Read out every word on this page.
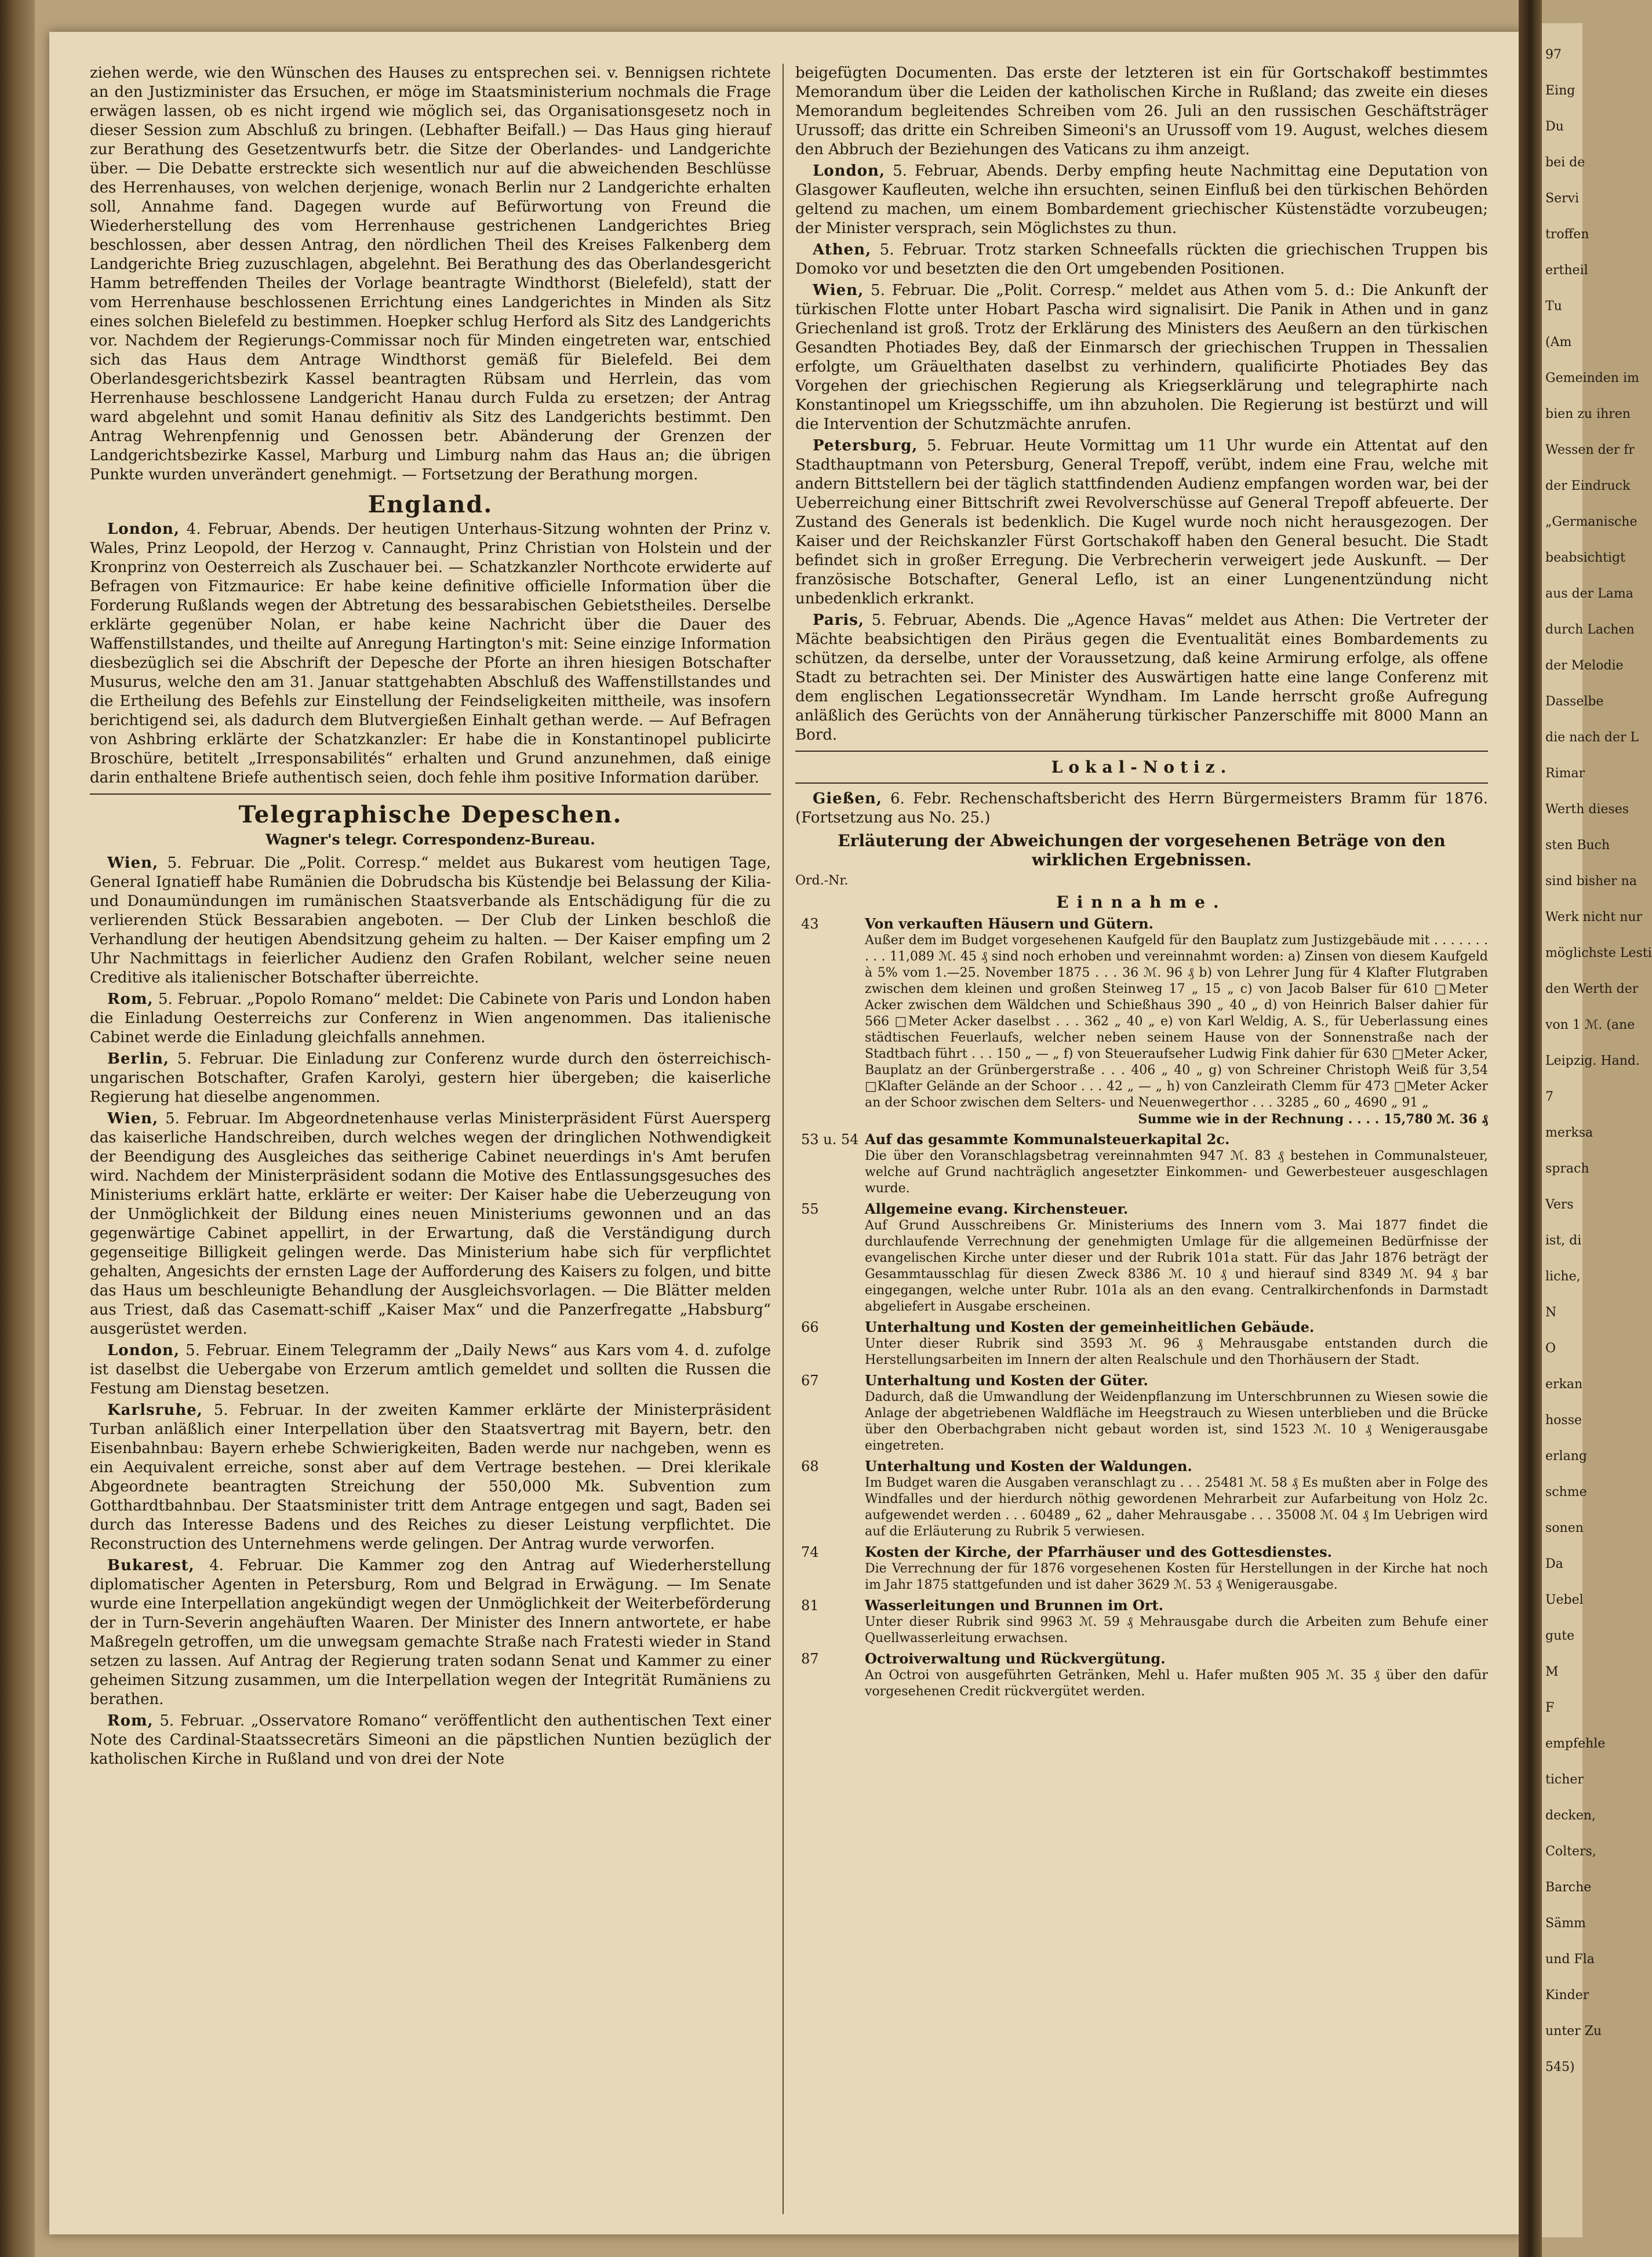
97
Eing
Du
bei de
Servi
troffen
ertheil
Tu
(Am
Gemeinden im
bien zu ihren
Wessen der fr
der Eindruck
„Germanische
beabsichtigt
aus der Lama
durch Lachen
der Melodie
Dasselbe
die nach der L
Rimar
Werth dieses
sten Buch
sind bisher na
Werk nicht nur
möglichste Lesti
den Werth der
von 1 ℳ. (ane
Leipzig. Hand.
7
merksa
sprach
Vers
ist, di
liche,
N
O
erkan
hosse
erlang
schme
sonen
Da
Uebel
gute
M
F
empfehle
ticher
decken,
Colters,
Barche
Sämm
und Fla
Kinder
unter Zu
545)

ziehen werde, wie den Wünschen des Hauses zu entsprechen sei. v. Bennigsen richtete an den Justizminister das Ersuchen, er möge im Staatsministerium nochmals die Frage erwägen lassen, ob es nicht irgend wie möglich sei, das Organisationsgesetz noch in dieser Session zum Abschluß zu bringen. (Lebhafter Beifall.) — Das Haus ging hierauf zur Berathung des Gesetzentwurfs betr. die Sitze der Oberlandes- und Landgerichte über. — Die Debatte erstreckte sich wesentlich nur auf die abweichenden Beschlüsse des Herrenhauses, von welchen derjenige, wonach Berlin nur 2 Landgerichte erhalten soll, Annahme fand. Dagegen wurde auf Befürwortung von Freund die Wiederherstellung des vom Herrenhause gestrichenen Landgerichtes Brieg beschlossen, aber dessen Antrag, den nördlichen Theil des Kreises Falkenberg dem Landgerichte Brieg zuzuschlagen, abgelehnt. Bei Berathung des das Oberlandesgericht Hamm betreffenden Theiles der Vorlage beantragte Windthorst (Bielefeld), statt der vom Herrenhause beschlossenen Errichtung eines Landgerichtes in Minden als Sitz eines solchen Bielefeld zu bestimmen. Hoepker schlug Herford als Sitz des Landgerichts vor. Nachdem der Regierungs-Commissar noch für Minden eingetreten war, entschied sich das Haus dem Antrage Windthorst gemäß für Bielefeld. Bei dem Oberlandesgerichtsbezirk Kassel beantragten Rübsam und Herrlein, das vom Herrenhause beschlossene Landgericht Hanau durch Fulda zu ersetzen; der Antrag ward abgelehnt und somit Hanau definitiv als Sitz des Landgerichts bestimmt. Den Antrag Wehrenpfennig und Genossen betr. Abänderung der Grenzen der Landgerichtsbezirke Kassel, Marburg und Limburg nahm das Haus an; die übrigen Punkte wurden unverändert genehmigt. — Fortsetzung der Berathung morgen.

England.

London, 4. Februar, Abends. Der heutigen Unterhaus-Sitzung wohnten der Prinz v. Wales, Prinz Leopold, der Herzog v. Cannaught, Prinz Christian von Holstein und der Kronprinz von Oesterreich als Zuschauer bei. — Schatzkanzler Northcote erwiderte auf Befragen von Fitzmaurice: Er habe keine definitive officielle Information über die Forderung Rußlands wegen der Abtretung des bessarabischen Gebietstheiles. Derselbe erklärte gegenüber Nolan, er habe keine Nachricht über die Dauer des Waffenstillstandes, und theilte auf Anregung Hartington's mit: Seine einzige Information diesbezüglich sei die Abschrift der Depesche der Pforte an ihren hiesigen Botschafter Musurus, welche den am 31. Januar stattgehabten Abschluß des Waffenstillstandes und die Ertheilung des Befehls zur Einstellung der Feindseligkeiten mittheile, was insofern berichtigend sei, als dadurch dem Blutvergießen Einhalt gethan werde. — Auf Befragen von Ashbring erklärte der Schatzkanzler: Er habe die in Konstantinopel publicirte Broschüre, betitelt „Irresponsabilités“ erhalten und Grund anzunehmen, daß einige darin enthaltene Briefe authentisch seien, doch fehle ihm positive Information darüber.

Telegraphische Depeschen.
Wagner's telegr. Correspondenz-Bureau.

Wien, 5. Februar. Die „Polit. Corresp.“ meldet aus Bukarest vom heutigen Tage, General Ignatieff habe Rumänien die Dobrudscha bis Küstendje bei Belassung der Kilia- und Donaumündungen im rumänischen Staatsverbande als Entschädigung für die zu verlierenden Stück Bessarabien angeboten. — Der Club der Linken beschloß die Verhandlung der heutigen Abendsitzung geheim zu halten. — Der Kaiser empfing um 2 Uhr Nachmittags in feierlicher Audienz den Grafen Robilant, welcher seine neuen Creditive als italienischer Botschafter überreichte.

Rom, 5. Februar. „Popolo Romano“ meldet: Die Cabinete von Paris und London haben die Einladung Oesterreichs zur Conferenz in Wien angenommen. Das italienische Cabinet werde die Einladung gleichfalls annehmen.

Berlin, 5. Februar. Die Einladung zur Conferenz wurde durch den österreichisch-ungarischen Botschafter, Grafen Karolyi, gestern hier übergeben; die kaiserliche Regierung hat dieselbe angenommen.

Wien, 5. Februar. Im Abgeordnetenhause verlas Ministerpräsident Fürst Auersperg das kaiserliche Handschreiben, durch welches wegen der dringlichen Nothwendigkeit der Beendigung des Ausgleiches das seitherige Cabinet neuerdings in's Amt berufen wird. Nachdem der Ministerpräsident sodann die Motive des Entlassungsgesuches des Ministeriums erklärt hatte, erklärte er weiter: Der Kaiser habe die Ueberzeugung von der Unmöglichkeit der Bildung eines neuen Ministeriums gewonnen und an das gegenwärtige Cabinet appellirt, in der Erwartung, daß die Verständigung durch gegenseitige Billigkeit gelingen werde. Das Ministerium habe sich für verpflichtet gehalten, Angesichts der ernsten Lage der Aufforderung des Kaisers zu folgen, und bitte das Haus um beschleunigte Behandlung der Ausgleichsvorlagen. — Die Blätter melden aus Triest, daß das Casematt-schiff „Kaiser Max“ und die Panzerfregatte „Habsburg“ ausgerüstet werden.

London, 5. Februar. Einem Telegramm der „Daily News“ aus Kars vom 4. d. zufolge ist daselbst die Uebergabe von Erzerum amtlich gemeldet und sollten die Russen die Festung am Dienstag besetzen.

Karlsruhe, 5. Februar. In der zweiten Kammer erklärte der Ministerpräsident Turban anläßlich einer Interpellation über den Staatsvertrag mit Bayern, betr. den Eisenbahnbau: Bayern erhebe Schwierigkeiten, Baden werde nur nachgeben, wenn es ein Aequivalent erreiche, sonst aber auf dem Vertrage bestehen. — Drei klerikale Abgeordnete beantragten Streichung der 550,000 Mk. Subvention zum Gotthardtbahnbau. Der Staatsminister tritt dem Antrage entgegen und sagt, Baden sei durch das Interesse Badens und des Reiches zu dieser Leistung verpflichtet. Die Reconstruction des Unternehmens werde gelingen. Der Antrag wurde verworfen.

Bukarest, 4. Februar. Die Kammer zog den Antrag auf Wiederherstellung diplomatischer Agenten in Petersburg, Rom und Belgrad in Erwägung. — Im Senate wurde eine Interpellation angekündigt wegen der Unmöglichkeit der Weiterbeförderung der in Turn-Severin angehäuften Waaren. Der Minister des Innern antwortete, er habe Maßregeln getroffen, um die unwegsam gemachte Straße nach Fratesti wieder in Stand setzen zu lassen. Auf Antrag der Regierung traten sodann Senat und Kammer zu einer geheimen Sitzung zusammen, um die Interpellation wegen der Integrität Rumäniens zu berathen.

Rom, 5. Februar. „Osservatore Romano“ veröffentlicht den authentischen Text einer Note des Cardinal-Staatssecretärs Simeoni an die päpstlichen Nuntien bezüglich der katholischen Kirche in Rußland und von drei der Note

beigefügten Documenten. Das erste der letzteren ist ein für Gortschakoff bestimmtes Memorandum über die Leiden der katholischen Kirche in Rußland; das zweite ein dieses Memorandum begleitendes Schreiben vom 26. Juli an den russischen Geschäftsträger Urussoff; das dritte ein Schreiben Simeoni's an Urussoff vom 19. August, welches diesem den Abbruch der Beziehungen des Vaticans zu ihm anzeigt.

London, 5. Februar, Abends. Derby empfing heute Nachmittag eine Deputation von Glasgower Kaufleuten, welche ihn ersuchten, seinen Einfluß bei den türkischen Behörden geltend zu machen, um einem Bombardement griechischer Küstenstädte vorzubeugen; der Minister versprach, sein Möglichstes zu thun.

Athen, 5. Februar. Trotz starken Schneefalls rückten die griechischen Truppen bis Domoko vor und besetzten die den Ort umgebenden Positionen.

Wien, 5. Februar. Die „Polit. Corresp.“ meldet aus Athen vom 5. d.: Die Ankunft der türkischen Flotte unter Hobart Pascha wird signalisirt. Die Panik in Athen und in ganz Griechenland ist groß. Trotz der Erklärung des Ministers des Aeußern an den türkischen Gesandten Photiades Bey, daß der Einmarsch der griechischen Truppen in Thessalien erfolgte, um Gräuelthaten daselbst zu verhindern, qualificirte Photiades Bey das Vorgehen der griechischen Regierung als Kriegserklärung und telegraphirte nach Konstantinopel um Kriegsschiffe, um ihn abzuholen. Die Regierung ist bestürzt und will die Intervention der Schutzmächte anrufen.

Petersburg, 5. Februar. Heute Vormittag um 11 Uhr wurde ein Attentat auf den Stadthauptmann von Petersburg, General Trepoff, verübt, indem eine Frau, welche mit andern Bittstellern bei der täglich stattfindenden Audienz empfangen worden war, bei der Ueberreichung einer Bittschrift zwei Revolverschüsse auf General Trepoff abfeuerte. Der Zustand des Generals ist bedenklich. Die Kugel wurde noch nicht herausgezogen. Der Kaiser und der Reichskanzler Fürst Gortschakoff haben den General besucht. Die Stadt befindet sich in großer Erregung. Die Verbrecherin verweigert jede Auskunft. — Der französische Botschafter, General Leflo, ist an einer Lungenentzündung nicht unbedenklich erkrankt.

Paris, 5. Februar, Abends. Die „Agence Havas“ meldet aus Athen: Die Vertreter der Mächte beabsichtigen den Piräus gegen die Eventualität eines Bombardements zu schützen, da derselbe, unter der Voraussetzung, daß keine Armirung erfolge, als offene Stadt zu betrachten sei. Der Minister des Auswärtigen hatte eine lange Conferenz mit dem englischen Legationssecretär Wyndham. Im Lande herrscht große Aufregung anläßlich des Gerüchts von der Annäherung türkischer Panzerschiffe mit 8000 Mann an Bord.

Lokal-Notiz.

Gießen, 6. Febr. Rechenschaftsbericht des Herrn Bürgermeisters Bramm für 1876. (Fortsetzung aus No. 25.)

Erläuterung der Abweichungen der vorgesehenen Beträge von den wirklichen Ergebnissen.
Ord.-Nr.
Einnahme.
43	Von verkauften Häusern und Gütern.
Außer dem im Budget vorgesehenen Kaufgeld für den Bauplatz zum Justizgebäude mit . . . . . . . . . . 11,089 ℳ. 45 ₰ sind noch erhoben und vereinnahmt worden: a) Zinsen von diesem Kaufgeld à 5% vom 1.—25. November 1875 . . . 36 ℳ. 96 ₰ b) von Lehrer Jung für 4 Klafter Flutgraben zwischen dem kleinen und großen Steinweg 17 „ 15 „ c) von Jacob Balser für 610 □Meter Acker zwischen dem Wäldchen und Schießhaus 390 „ 40 „ d) von Heinrich Balser dahier für 566 □Meter Acker daselbst . . . 362 „ 40 „ e) von Karl Weldig, A. S., für Ueberlassung eines städtischen Feuerlaufs, welcher neben seinem Hause von der Sonnenstraße nach der Stadtbach führt . . . 150 „ — „ f) von Steueraufseher Ludwig Fink dahier für 630 □Meter Acker, Bauplatz an der Grünbergerstraße . . . 406 „ 40 „ g) von Schreiner Christoph Weiß für 3,54 □Klafter Gelände an der Schoor . . . 42 „ — „ h) von Canzleirath Clemm für 473 □Meter Acker an der Schoor zwischen dem Selters- und Neuenwegerthor . . . 3285 „ 60 „ 4690 „ 91 „
Summe wie in der Rechnung . . . . 15,780 ℳ. 36 ₰
53 u. 54 Auf das gesammte Kommunalsteuerkapital 2c.
Die über den Voranschlagsbetrag vereinnahmten 947 ℳ. 83 ₰ bestehen in Communalsteuer, welche auf Grund nachträglich angesetzter Einkommen- und Gewerbesteuer ausgeschlagen wurde.
55	Allgemeine evang. Kirchensteuer.
Auf Grund Ausschreibens Gr. Ministeriums des Innern vom 3. Mai 1877 findet die durchlaufende Verrechnung der genehmigten Umlage für die allgemeinen Bedürfnisse der evangelischen Kirche unter dieser und der Rubrik 101a statt. Für das Jahr 1876 beträgt der Gesammtausschlag für diesen Zweck 8386 ℳ. 10 ₰ und hierauf sind 8349 ℳ. 94 ₰ bar eingegangen, welche unter Rubr. 101a als an den evang. Centralkirchenfonds in Darmstadt abgeliefert in Ausgabe erscheinen.
66	Unterhaltung und Kosten der gemeinheitlichen Gebäude.
Unter dieser Rubrik sind 3593 ℳ. 96 ₰ Mehrausgabe entstanden durch die Herstellungsarbeiten im Innern der alten Realschule und den Thorhäusern der Stadt.
67	Unterhaltung und Kosten der Güter.
Dadurch, daß die Umwandlung der Weidenpflanzung im Unterschbrunnen zu Wiesen sowie die Anlage der abgetriebenen Waldfläche im Heegstrauch zu Wiesen unterblieben und die Brücke über den Oberbachgraben nicht gebaut worden ist, sind 1523 ℳ. 10 ₰ Wenigerausgabe eingetreten.
68	Unterhaltung und Kosten der Waldungen.
Im Budget waren die Ausgaben veranschlagt zu . . . 25481 ℳ. 58 ₰ Es mußten aber in Folge des Windfalles und der hierdurch nöthig gewordenen Mehrarbeit zur Aufarbeitung von Holz 2c. aufgewendet werden . . . 60489 „ 62 „ daher Mehrausgabe . . . 35008 ℳ. 04 ₰ Im Uebrigen wird auf die Erläuterung zu Rubrik 5 verwiesen.
74	Kosten der Kirche, der Pfarrhäuser und des Gottesdienstes.
Die Verrechnung der für 1876 vorgesehenen Kosten für Herstellungen in der Kirche hat noch im Jahr 1875 stattgefunden und ist daher 3629 ℳ. 53 ₰ Wenigerausgabe.
81	Wasserleitungen und Brunnen im Ort.
Unter dieser Rubrik sind 9963 ℳ. 59 ₰ Mehrausgabe durch die Arbeiten zum Behufe einer Quellwasserleitung erwachsen.
87	Octroiverwaltung und Rückvergütung.
An Octroi von ausgeführten Getränken, Mehl u. Hafer mußten 905 ℳ. 35 ₰ über den dafür vorgesehenen Credit rückvergütet werden.
